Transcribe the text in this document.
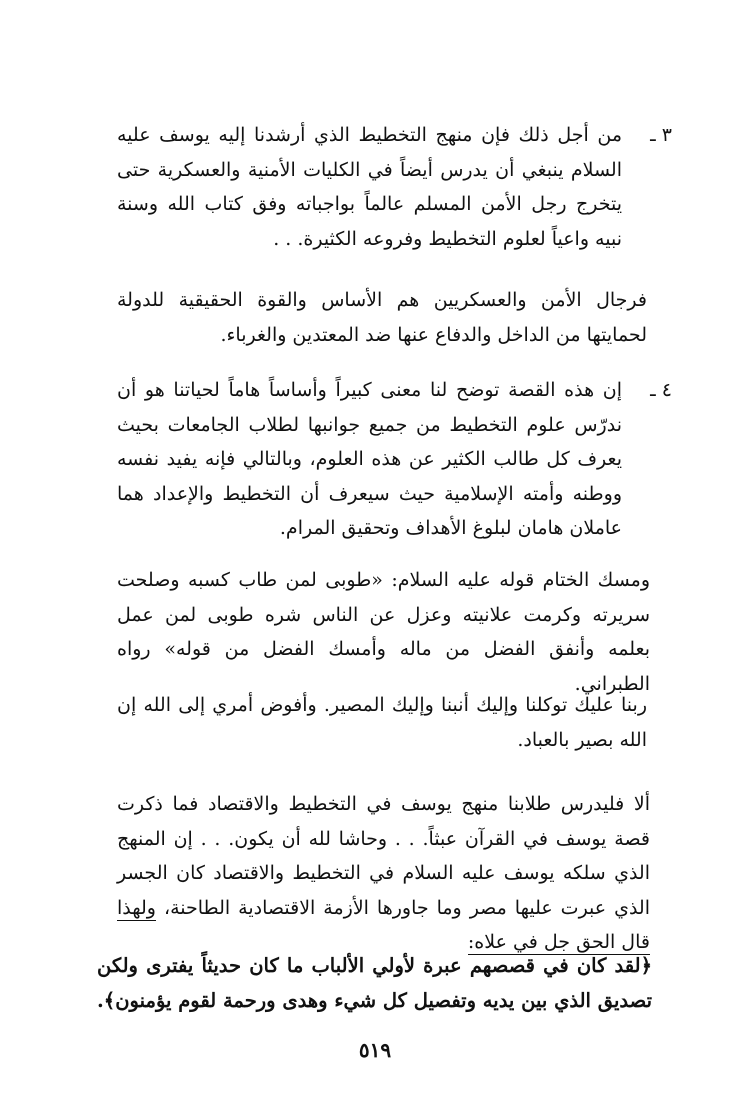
٣ ـ

من أجل ذلك فإن منهج التخطيط الذي أرشدنا إليه يوسف عليه السلام ينبغي أن يدرس أيضاً في الكليات الأمنية والعسكرية حتى يتخرج رجل الأمن المسلم عالماً بواجباته وفق كتاب الله وسنة نبيه واعياً لعلوم التخطيط وفروعه الكثيرة. . .

فرجال الأمن والعسكريين هم الأساس والقوة الحقيقية للدولة لحمايتها من الداخل والدفاع عنها ضد المعتدين والغرباء.

٤ ـ

إن هذه القصة توضح لنا معنى كبيراً وأساساً هاماً لحياتنا هو أن ندرّس علوم التخطيط من جميع جوانبها لطلاب الجامعات بحيث يعرف كل طالب الكثير عن هذه العلوم، وبالتالي فإنه يفيد نفسه ووطنه وأمته الإسلامية حيث سيعرف أن التخطيط والإعداد هما عاملان هامان لبلوغ الأهداف وتحقيق المرام.

ومسك الختام قوله عليه السلام: «طوبى لمن طاب كسبه وصلحت سريرته وكرمت علانيته وعزل عن الناس شره طوبى لمن عمل بعلمه وأنفق الفضل من ماله وأمسك الفضل من قوله» رواه الطبراني.

ربنا عليك توكلنا وإليك أنبنا وإليك المصير. وأفوض أمري إلى الله إن الله بصير بالعباد.

ألا فليدرس طلابنا منهج يوسف في التخطيط والاقتصاد فما ذكرت قصة يوسف في القرآن عبثاً. . . وحاشا لله أن يكون. . . إن المنهج الذي سلكه يوسف عليه السلام في التخطيط والاقتصاد كان الجسر الذي عبرت عليها مصر وما جاورها الأزمة الاقتصادية الطاحنة، ولهذا قال الحق جل في علاه:

﴿لقد كان في قصصهم عبرة لأولي الألباب ما كان حديثاً يفترى ولكن تصديق الذي بين يديه وتفصيل كل شيء وهدى ورحمة لقوم يؤمنون﴾.

٥١٩
